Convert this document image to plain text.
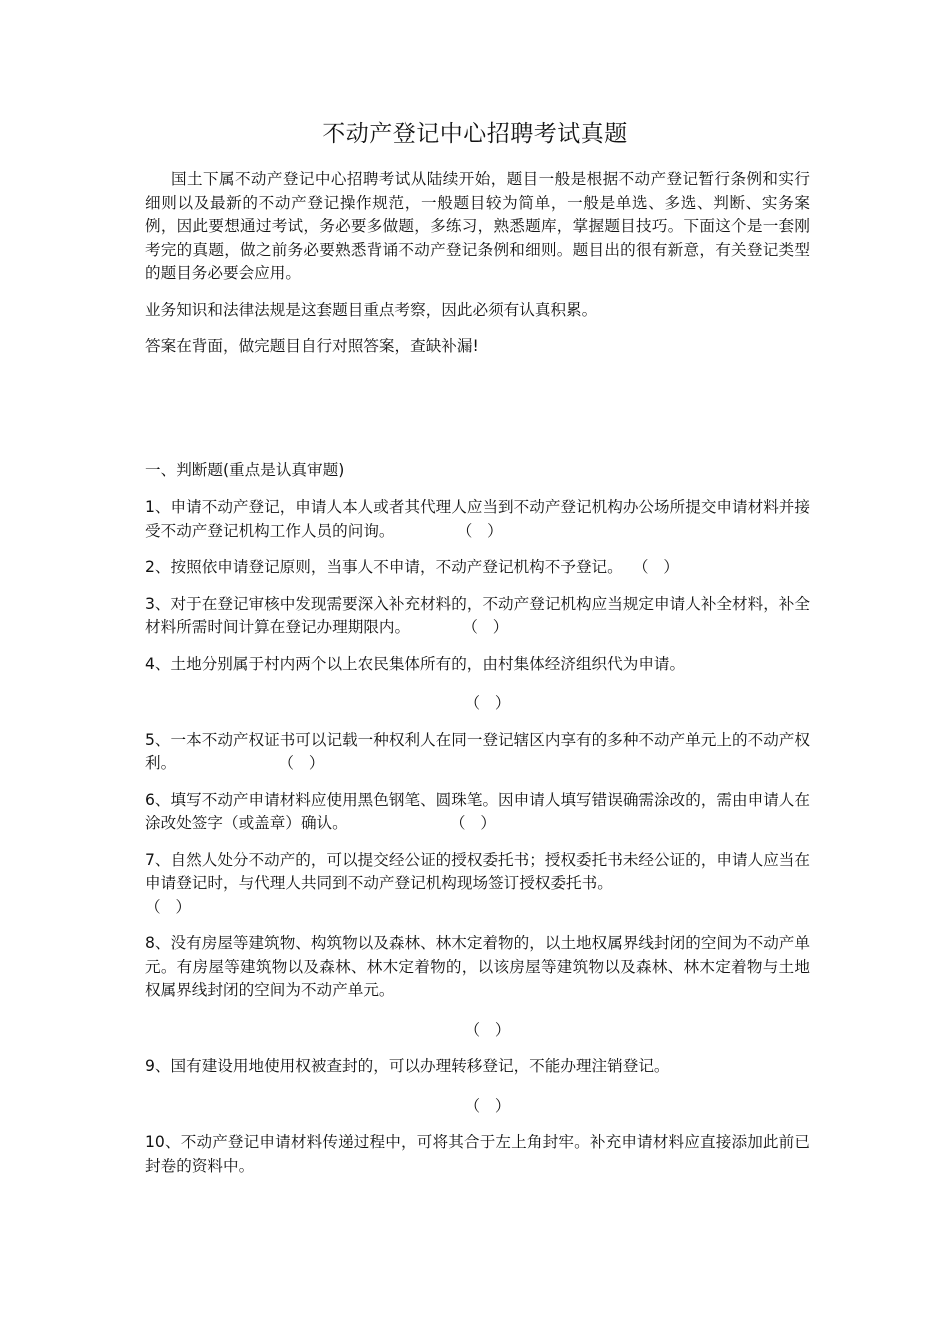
不动产登记中心招聘考试真题

国土下属不动产登记中心招聘考试从陆续开始，题目一般是根据不动产登记暂行条例和实行细则以及最新的不动产登记操作规范，一般题目较为简单，一般是单选、多选、判断、实务案例，因此要想通过考试，务必要多做题，多练习，熟悉题库，掌握题目技巧。下面这个是一套刚考完的真题，做之前务必要熟悉背诵不动产登记条例和细则。题目出的很有新意，有关登记类型的题目务必要会应用。

业务知识和法律法规是这套题目重点考察，因此必须有认真积累。

答案在背面，做完题目自行对照答案，查缺补漏!

一、判断题(重点是认真审题)

1、申请不动产登记，申请人本人或者其代理人应当到不动产登记机构办公场所提交申请材料并接受不动产登记机构工作人员的问询。	（   ）

2、按照依申请登记原则，当事人不申请，不动产登记机构不予登记。 （   ）

3、对于在登记审核中发现需要深入补充材料的，不动产登记机构应当规定申请人补全材料，补全材料所需时间计算在登记办理期限内。	（   ）

4、土地分别属于村内两个以上农民集体所有的，由村集体经济组织代为申请。
（   ）

5、一本不动产权证书可以记载一种权利人在同一登记辖区内享有的多种不动产单元上的不动产权利。	（   ）

6、填写不动产申请材料应使用黑色钢笔、圆珠笔。因申请人填写错误确需涂改的，需由申请人在涂改处签字（或盖章）确认。	（   ）

7、自然人处分不动产的，可以提交经公证的授权委托书；授权委托书未经公证的，申请人应当在申请登记时，与代理人共同到不动产登记机构现场签订授权委托书。
（   ）

8、没有房屋等建筑物、构筑物以及森林、林木定着物的，以土地权属界线封闭的空间为不动产单元。有房屋等建筑物以及森林、林木定着物的，以该房屋等建筑物以及森林、林木定着物与土地权属界线封闭的空间为不动产单元。
（   ）

9、国有建设用地使用权被查封的，可以办理转移登记，不能办理注销登记。
（   ）

10、不动产登记申请材料传递过程中，可将其合于左上角封牢。补充申请材料应直接添加此前已封卷的资料中。
